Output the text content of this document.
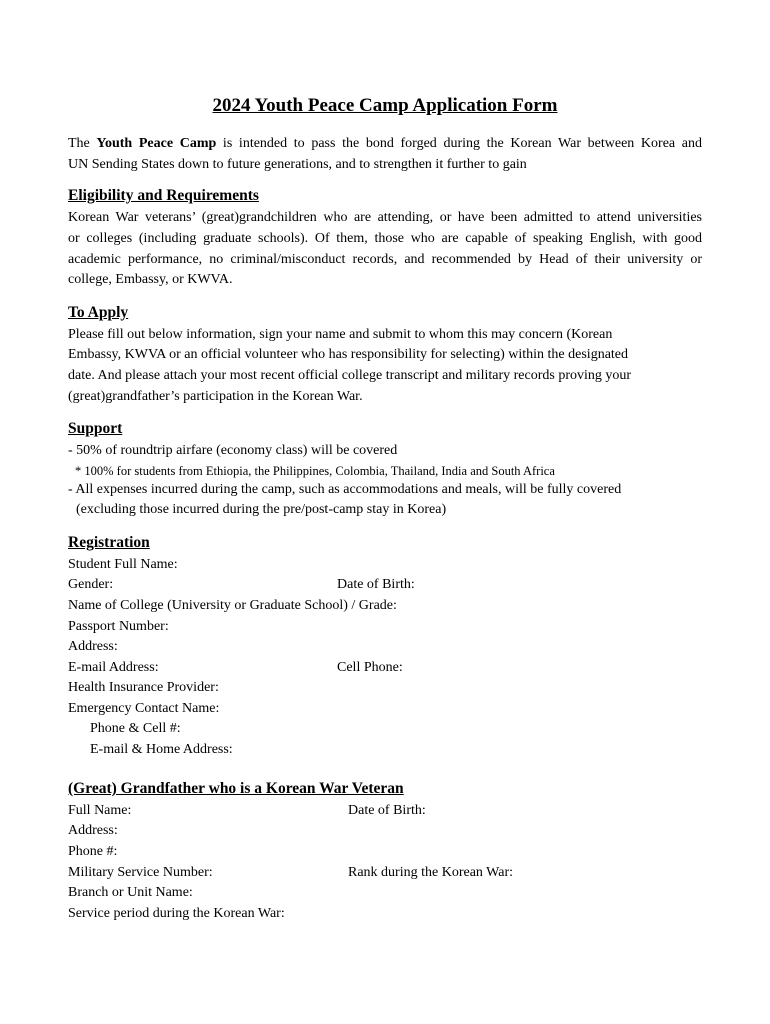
2024 Youth Peace Camp Application Form
The Youth Peace Camp is intended to pass the bond forged during the Korean War between Korea and
UN Sending States down to future generations, and to strengthen it further to gain
Eligibility and Requirements
Korean War veterans’ (great)grandchildren who are attending, or have been admitted to attend universities
or colleges (including graduate schools). Of them, those who are capable of speaking English, with good
academic performance, no criminal/misconduct records, and recommended by Head of their university or
college, Embassy, or KWVA.
To Apply
Please fill out below information, sign your name and submit to whom this may concern (Korean
Embassy, KWVA or an official volunteer who has responsibility for selecting) within the designated
date. And please attach your most recent official college transcript and military records proving your
(great)grandfather’s participation in the Korean War.
Support
- 50% of roundtrip airfare (economy class) will be covered
* 100% for students from Ethiopia, the Philippines, Colombia, Thailand, India and South Africa
- All expenses incurred during the camp, such as accommodations and meals, will be fully covered
(excluding those incurred during the pre/post-camp stay in Korea)
Registration
Student Full Name:
Gender:	Date of Birth:
Name of College (University or Graduate School) / Grade:
Passport Number:
Address:
E-mail Address:	Cell Phone:
Health Insurance Provider:
Emergency Contact Name:
Phone & Cell #:
E-mail & Home Address:
(Great) Grandfather who is a Korean War Veteran
Full Name:	Date of Birth:
Address:
Phone #:
Military Service Number:	Rank during the Korean War:
Branch or Unit Name:
Service period during the Korean War:
